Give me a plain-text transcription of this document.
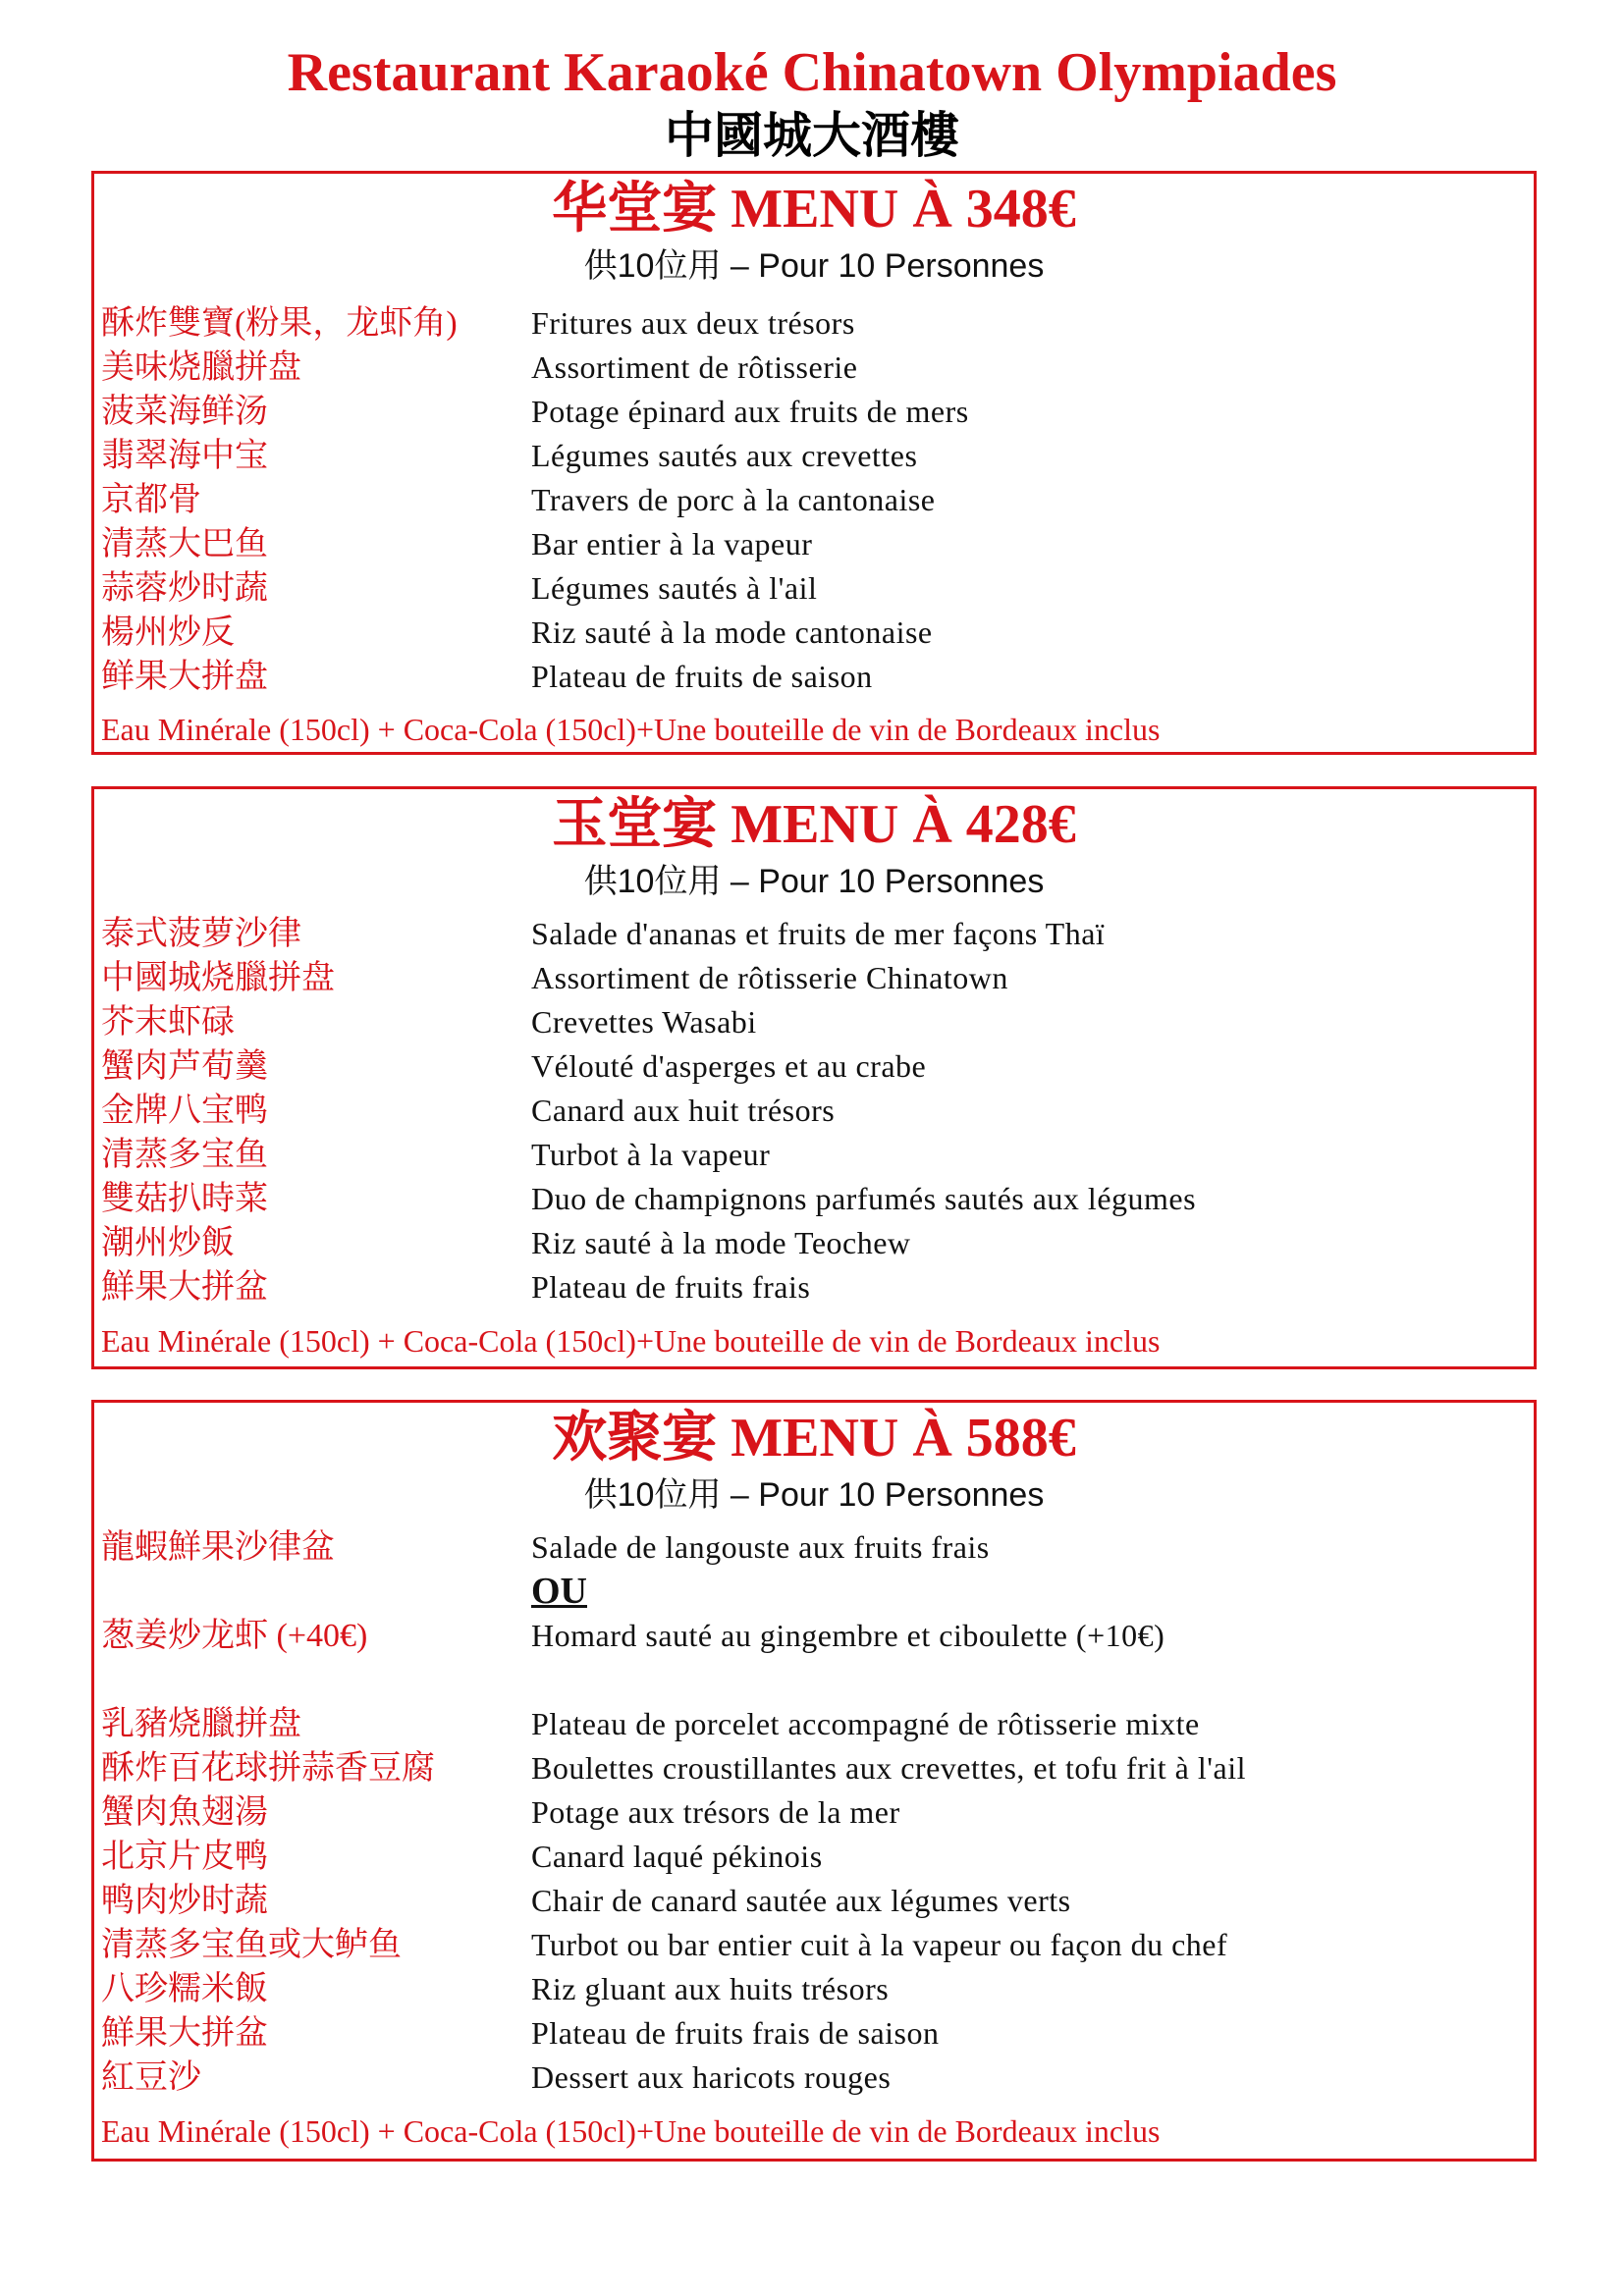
Restaurant Karaoké Chinatown Olympiades
中國城大酒樓
华堂宴 MENU À 348€
供10位用 – Pour 10 Personnes
酥炸雙寶(粉果，龙虾角) Fritures aux deux trésors
美味烧臘拼盘	Assortiment de rôtisserie
菠菜海鲜汤	Potage épinard aux fruits de mers
翡翠海中宝	Légumes sautés aux crevettes
京都骨	Travers de porc à la cantonaise
清蒸大巴鱼	Bar entier à la vapeur
蒜蓉炒时蔬	Légumes sautés à l'ail
楊州炒反	Riz sauté à la mode cantonaise
鲜果大拼盘	Plateau de fruits de saison
Eau Minérale (150cl) + Coca-Cola (150cl)+Une bouteille de vin de Bordeaux inclus
玉堂宴 MENU À 428€
供10位用 – Pour 10 Personnes
泰式菠萝沙律	Salade d'ananas et fruits de mer façons Thaï
中國城烧臘拼盘	Assortiment de rôtisserie Chinatown
芥末虾碌	Crevettes Wasabi
蟹肉芦荀羹	Vélouté d'asperges et au crabe
金牌八宝鸭	Canard aux huit trésors
清蒸多宝鱼	Turbot à la vapeur
雙菇扒時菜	Duo de champignons parfumés sautés aux légumes
潮州炒飯	Riz sauté à la mode Teochew
鮮果大拼盆	Plateau de fruits frais
Eau Minérale (150cl) + Coca-Cola (150cl)+Une bouteille de vin de Bordeaux inclus
欢聚宴 MENU À 588€
供10位用 – Pour 10 Personnes
龍蝦鮮果沙律盆	Salade de langouste aux fruits frais
OU
葱姜炒龙虾 (+40€)	Homard sauté au gingembre et ciboulette (+10€)
乳豬烧臘拼盘	Plateau de porcelet accompagné de rôtisserie mixte
酥炸百花球拼蒜香豆腐	Boulettes croustillantes aux crevettes, et tofu frit à l'ail
蟹肉魚翅湯	Potage aux trésors de la mer
北京片皮鸭	Canard laqué pékinois
鸭肉炒时蔬	Chair de canard sautée aux légumes verts
清蒸多宝鱼或大鲈鱼	Turbot ou bar entier cuit à la vapeur ou façon du chef
八珍糯米飯	Riz gluant aux huits trésors
鮮果大拼盆	Plateau de fruits frais de saison
紅豆沙	Dessert aux haricots rouges
Eau Minérale (150cl) + Coca-Cola (150cl)+Une bouteille de vin de Bordeaux inclus
